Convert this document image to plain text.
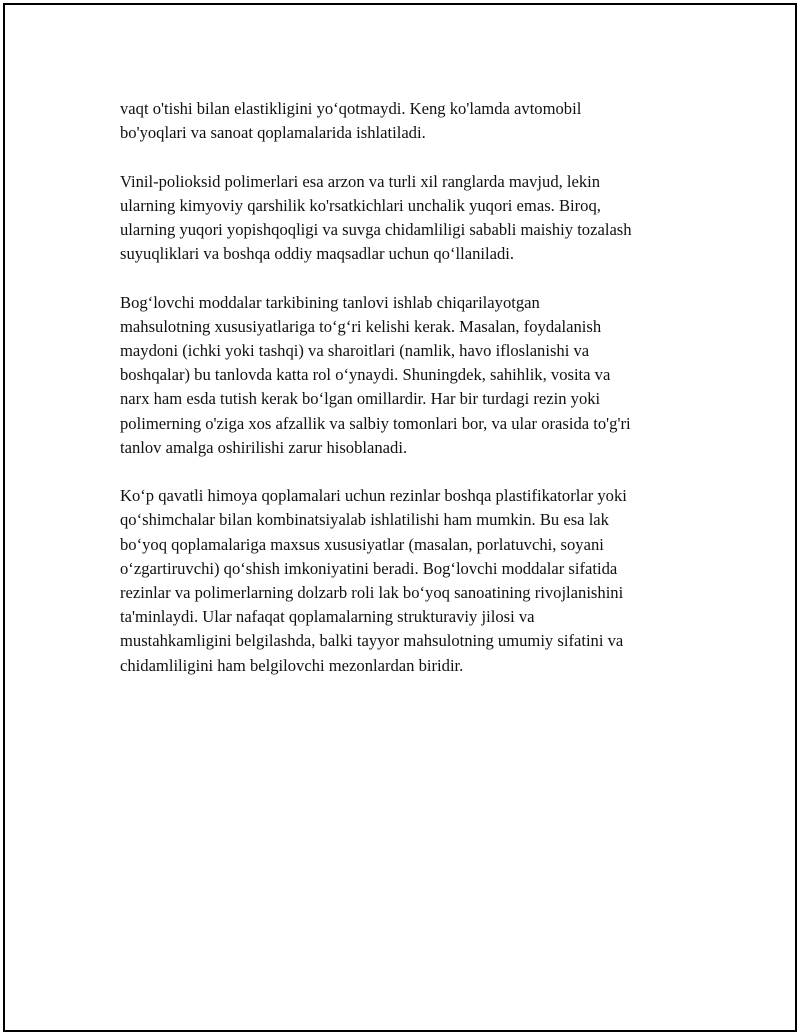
vaqt o'tishi bilan elastikligini yo‘qotmaydi. Keng ko'lamda avtomobil
bo'yoqlari va sanoat qoplamalarida ishlatiladi.

Vinil-polioksid polimerlari esa arzon va turli xil ranglarda mavjud, lekin
ularning kimyoviy qarshilik ko'rsatkichlari unchalik yuqori emas. Biroq,
ularning yuqori yopishqoqligi va suvga chidamliligi sababli maishiy tozalash
suyuqliklari va boshqa oddiy maqsadlar uchun qo‘llaniladi.

Bog‘lovchi moddalar tarkibining tanlovi ishlab chiqarilayotgan
mahsulotning xususiyatlariga to‘g‘ri kelishi kerak. Masalan, foydalanish
maydoni (ichki yoki tashqi) va sharoitlari (namlik, havo ifloslanishi va
boshqalar) bu tanlovda katta rol o‘ynaydi. Shuningdek, sahihlik, vosita va
narx ham esda tutish kerak bo‘lgan omillardir. Har bir turdagi rezin yoki
polimerning o'ziga xos afzallik va salbiy tomonlari bor, va ular orasida to'g'ri
tanlov amalga oshirilishi zarur hisoblanadi.

Ko‘p qavatli himoya qoplamalari uchun rezinlar boshqa plastifikatorlar yoki
qo‘shimchalar bilan kombinatsiyalab ishlatilishi ham mumkin. Bu esa lak
bo‘yoq qoplamalariga maxsus xususiyatlar (masalan, porlatuvchi, soyani
o‘zgartiruvchi) qo‘shish imkoniyatini beradi. Bog‘lovchi moddalar sifatida
rezinlar va polimerlarning dolzarb roli lak bo‘yoq sanoatining rivojlanishini
ta'minlaydi. Ular nafaqat qoplamalarning strukturaviy jilosi va
mustahkamligini belgilashda, balki tayyor mahsulotning umumiy sifatini va
chidamliligini ham belgilovchi mezonlardan biridir.
